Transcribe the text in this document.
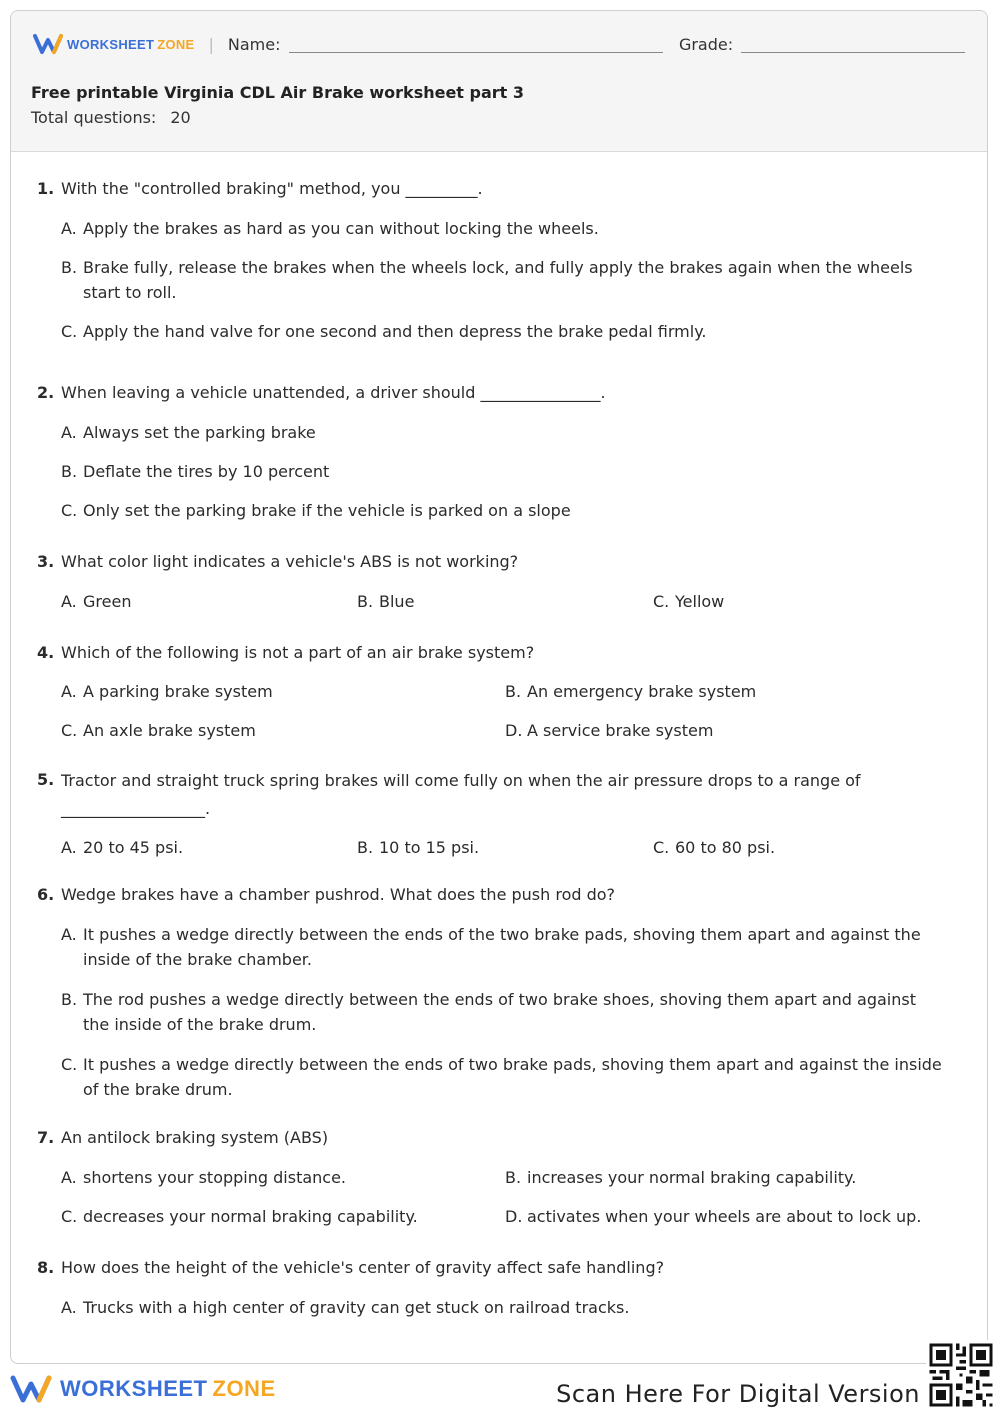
WORKSHEET ZONE | Name:	Grade:
Free printable Virginia CDL Air Brake worksheet part 3
Total questions: 20
1. With the "controlled braking" method, you _________.
A. Apply the brakes as hard as you can without locking the wheels.
B. Brake fully, release the brakes when the wheels lock, and fully apply the brakes again when the wheels start to roll.
C. Apply the hand valve for one second and then depress the brake pedal firmly.
2. When leaving a vehicle unattended, a driver should _______________.
A. Always set the parking brake
B. Deflate the tires by 10 percent
C. Only set the parking brake if the vehicle is parked on a slope
3. What color light indicates a vehicle's ABS is not working?
A. Green	B. Blue	C. Yellow
4. Which of the following is not a part of an air brake system?
A. A parking brake system	B. An emergency brake system
C. An axle brake system	D. A service brake system
5. Tractor and straight truck spring brakes will come fully on when the air pressure drops to a range of __________________.
A. 20 to 45 psi.	B. 10 to 15 psi.	C. 60 to 80 psi.
6. Wedge brakes have a chamber pushrod. What does the push rod do?
A. It pushes a wedge directly between the ends of the two brake pads, shoving them apart and against the inside of the brake chamber.
B. The rod pushes a wedge directly between the ends of two brake shoes, shoving them apart and against the inside of the brake drum.
C. It pushes a wedge directly between the ends of two brake pads, shoving them apart and against the inside of the brake drum.
7. An antilock braking system (ABS)
A. shortens your stopping distance.	B. increases your normal braking capability.
C. decreases your normal braking capability.	D. activates when your wheels are about to lock up.
8. How does the height of the vehicle's center of gravity affect safe handling?
A. Trucks with a high center of gravity can get stuck on railroad tracks.
WORKSHEET ZONE	Scan Here For Digital Version
